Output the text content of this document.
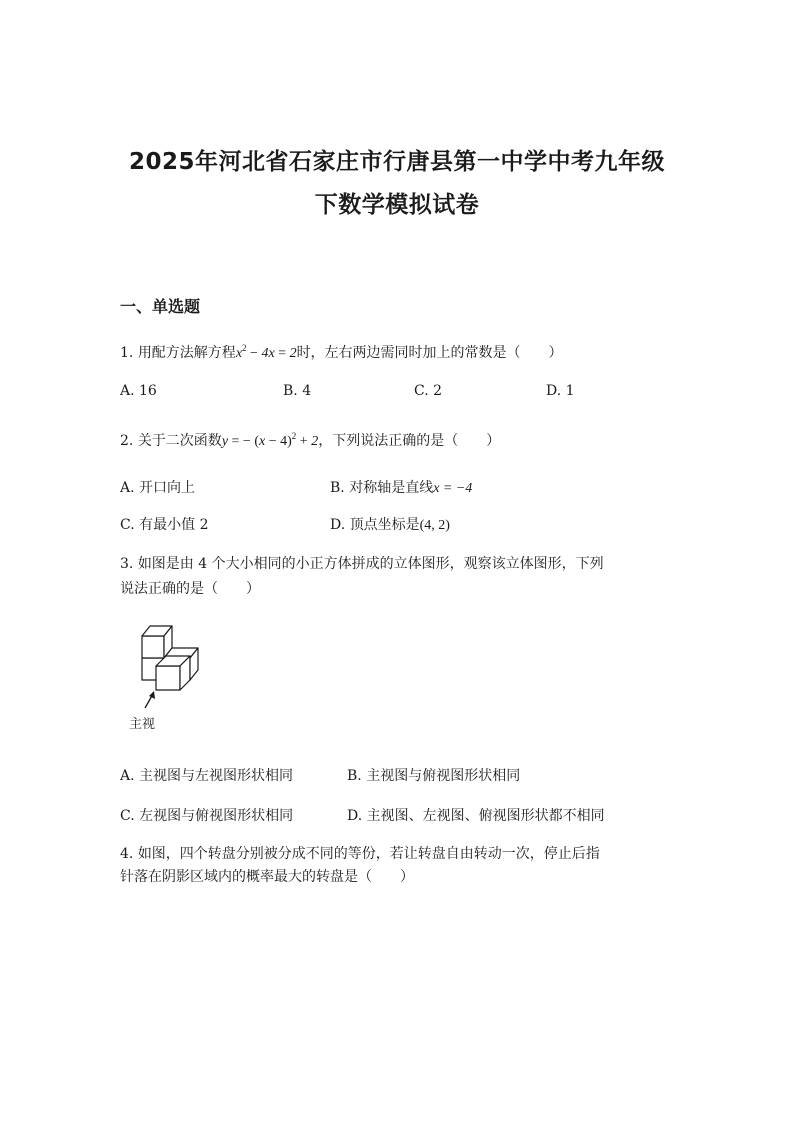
2025年河北省石家庄市行唐县第一中学中考九年级
下数学模拟试卷
一、单选题
1. 用配方法解方程$x^2 - 4x = 2$时，左右两边需同时加上的常数是（　　）
A. 16	B. 4	C. 2	D. 1
2. 关于二次函数y = − $(x - 4)^2 + 2$，下列说法正确的是（　　）
A. 开口向上	B. 对称轴是直线x = −4
C. 有最小值 2	D. 顶点坐标是(4, 2)
3. 如图是由 4 个大小相同的小正方体拼成的立体图形，观察该立体图形，下列
说法正确的是（　　）
主视
A. 主视图与左视图形状相同	B. 主视图与俯视图形状相同
C. 左视图与俯视图形状相同	D. 主视图、左视图、俯视图形状都不相同
4. 如图，四个转盘分别被分成不同的等份，若让转盘自由转动一次，停止后指
针落在阴影区域内的概率最大的转盘是（　　）
